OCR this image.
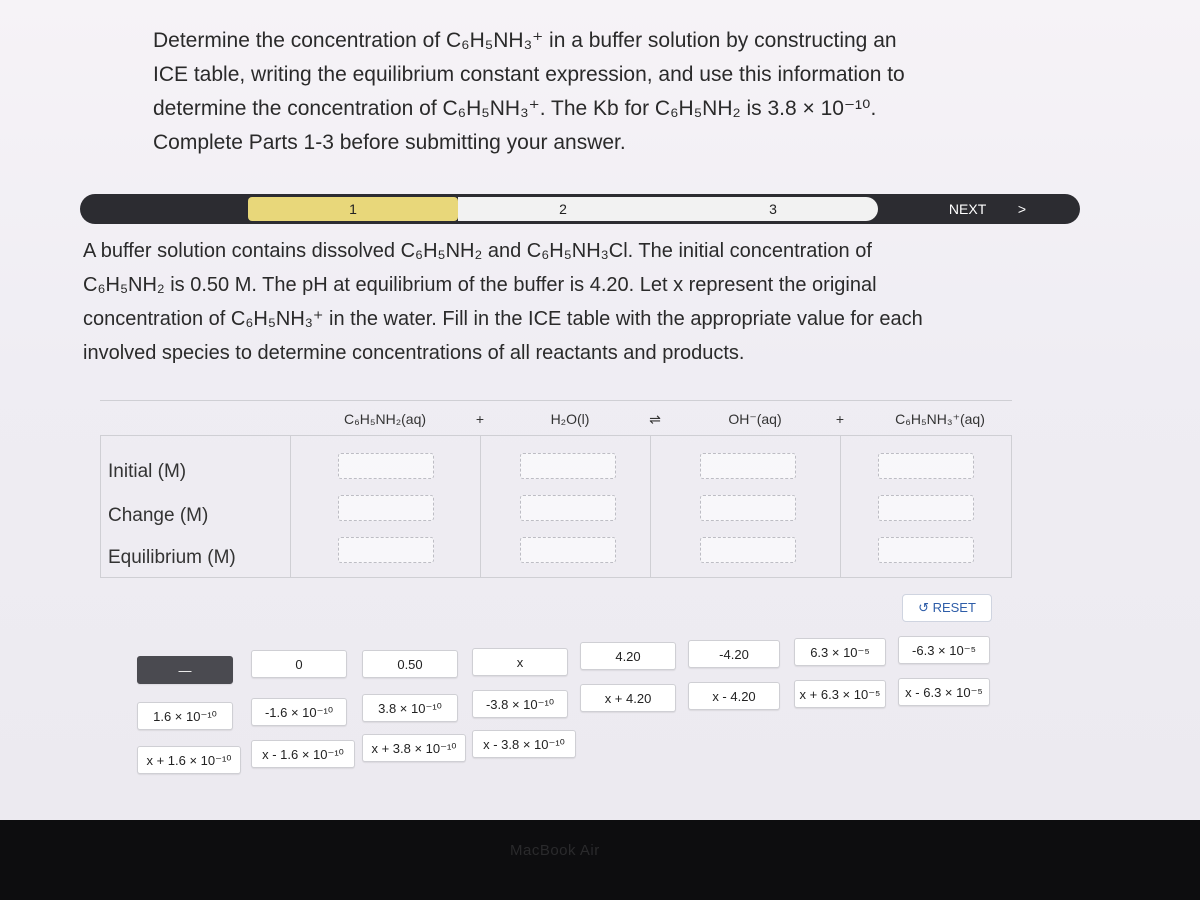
Determine the concentration of C₆H₅NH₃⁺ in a buffer solution by constructing an

ICE table, writing the equilibrium constant expression, and use this information to

determine the concentration of C₆H₅NH₃⁺. The Kb for C₆H₅NH₂ is 3.8 × 10⁻¹⁰.

Complete Parts 1-3 before submitting your answer.

1	2	3	NEXT >

A buffer solution contains dissolved C₆H₅NH₂ and C₆H₅NH₃Cl. The initial concentration of

C₆H₅NH₂ is 0.50 M. The pH at equilibrium of the buffer is 4.20. Let x represent the original

concentration of C₆H₅NH₃⁺ in the water. Fill in the ICE table with the appropriate value for each

involved species to determine concentrations of all reactants and products.

C₆H₅NH₂(aq)	+	H₂O(l)	⇌	OH⁻(aq)	+	C₆H₅NH₃⁺(aq)
Initial (M)
Change (M)
Equilibrium (M)
↺ RESET
—	0	0.50	x	4.20	-4.20	6.3 × 10⁻⁵	-6.3 × 10⁻⁵
1.6 × 10⁻¹⁰	-1.6 × 10⁻¹⁰	3.8 × 10⁻¹⁰	-3.8 × 10⁻¹⁰	x + 4.20	x - 4.20	x + 6.3 × 10⁻⁵	x - 6.3 × 10⁻⁵
x + 1.6 × 10⁻¹⁰	x - 1.6 × 10⁻¹⁰	x + 3.8 × 10⁻¹⁰	x - 3.8 × 10⁻¹⁰
MacBook Air
